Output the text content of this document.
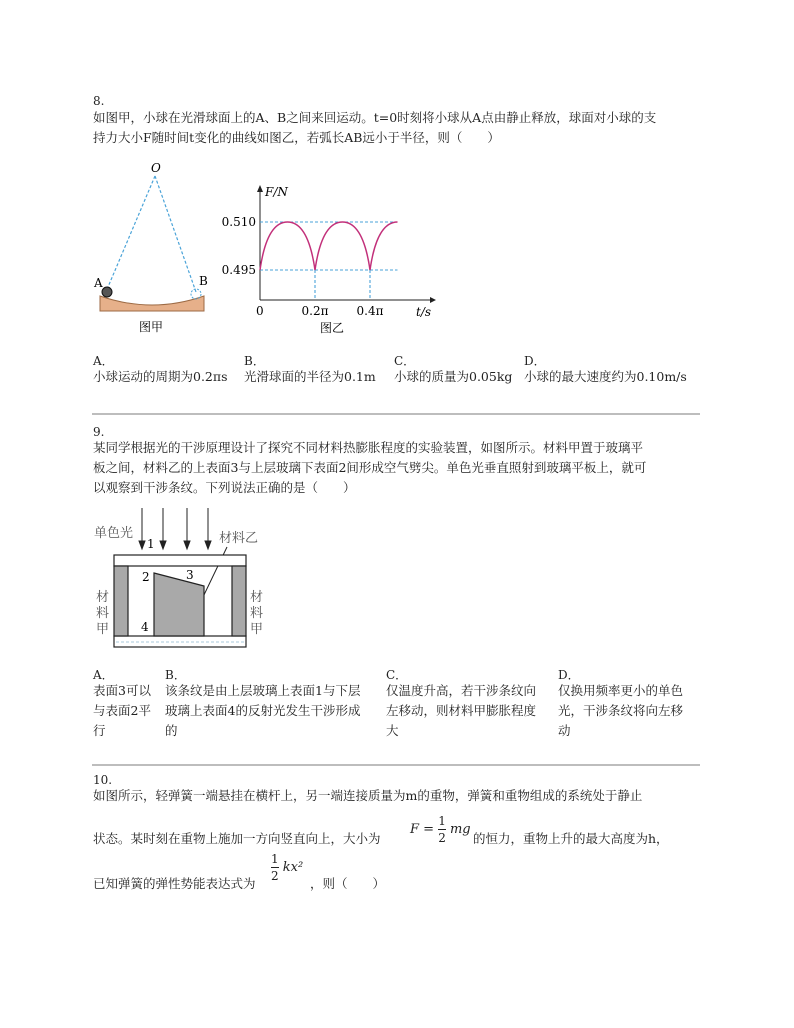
8.
如图甲，小球在光滑球面上的A、B之间来回运动。t=0时刻将小球从A点由静止释放，球面对小球的支
持力大小F随时间t变化的曲线如图乙，若弧长AB远小于半径，则（　　）
O
A	B
图甲
F/N
t/s
0
0.510
0.495
0.2π 0.4π
图乙
A．
小球运动的周期为0.2πs
B．
光滑球面的半径为0.1m
C．
小球的质量为0.05kg
D．
小球的最大速度约为0.10m/s
9.
某同学根据光的干涉原理设计了探究不同材料热膨胀程度的实验装置，如图所示。材料甲置于玻璃平
板之间，材料乙的上表面3与上层玻璃下表面2间形成空气劈尖。单色光垂直照射到玻璃平板上，就可
以观察到干涉条纹。下列说法正确的是（　　）
单色光	材料乙
1
2	3
4
材
料
甲
材
料
甲
A．
表面3可以
与表面2平
行
B．
该条纹是由上层玻璃上表面1与下层
玻璃上表面4的反射光发生干涉形成
的
C．
仅温度升高，若干涉条纹向
左移动，则材料甲膨胀程度
大
D．
仅换用频率更小的单色
光，干涉条纹将向左移
动
10.
如图所示，轻弹簧一端悬挂在横杆上，另一端连接质量为m的重物，弹簧和重物组成的系统处于静止
状态。某时刻在重物上施加一方向竖直向上，大小为
$F = \frac{1}{2}$ mg
的恒力，重物上升的最大高度为h，
已知弹簧的弹性势能表达式为
$\frac{1}{2} kx^2$
，则（　　）
